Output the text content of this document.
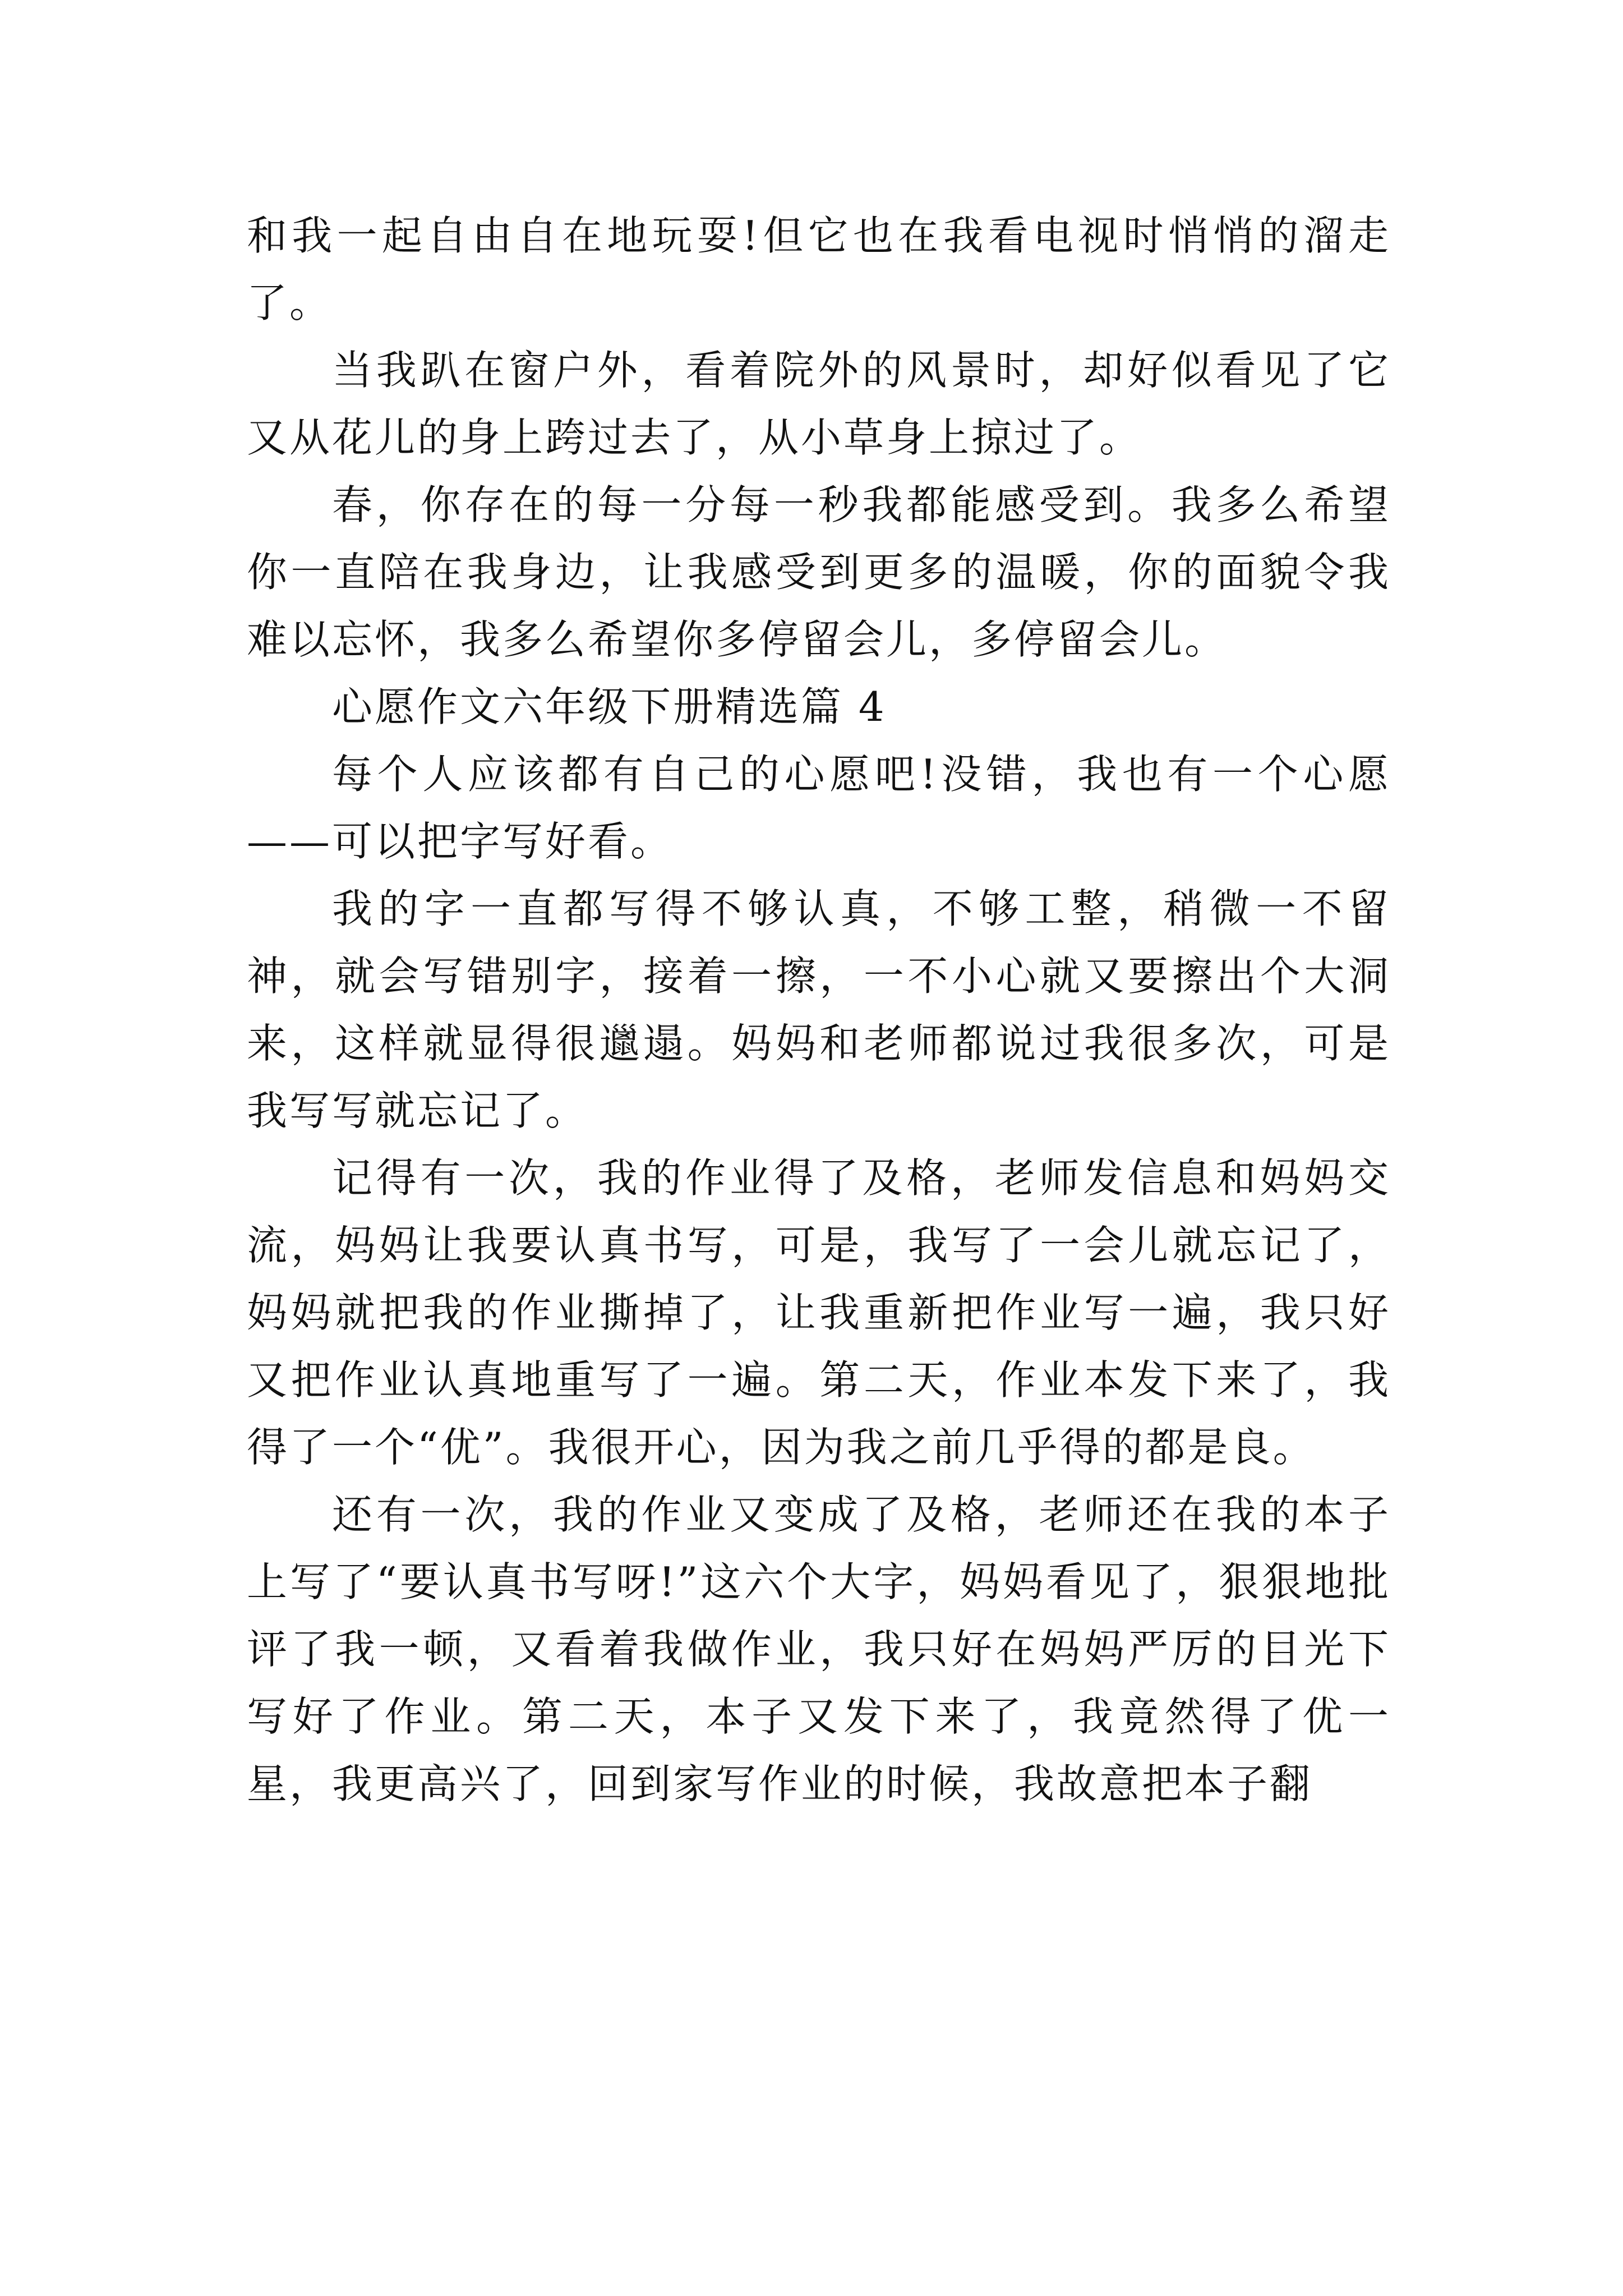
和我一起自由自在地玩耍!但它也在我看电视时悄悄的溜走了。

当我趴在窗户外，看着院外的风景时，却好似看见了它又从花儿的身上跨过去了，从小草身上掠过了。

春，你存在的每一分每一秒我都能感受到。我多么希望你一直陪在我身边，让我感受到更多的温暖，你的面貌令我难以忘怀，我多么希望你多停留会儿，多停留会儿。

心愿作文六年级下册精选篇 4

每个人应该都有自己的心愿吧!没错，我也有一个心愿——可以把字写好看。

我的字一直都写得不够认真，不够工整，稍微一不留神，就会写错别字，接着一擦，一不小心就又要擦出个大洞来，这样就显得很邋遢。妈妈和老师都说过我很多次，可是我写写就忘记了。

记得有一次，我的作业得了及格，老师发信息和妈妈交流，妈妈让我要认真书写，可是，我写了一会儿就忘记了，妈妈就把我的作业撕掉了，让我重新把作业写一遍，我只好又把作业认真地重写了一遍。第二天，作业本发下来了，我得了一个“优”。我很开心，因为我之前几乎得的都是良。

还有一次，我的作业又变成了及格，老师还在我的本子上写了“要认真书写呀!”这六个大字，妈妈看见了，狠狠地批评了我一顿，又看着我做作业，我只好在妈妈严厉的目光下写好了作业。第二天，本子又发下来了，我竟然得了优一星，我更高兴了，回到家写作业的时候，我故意把本子翻
